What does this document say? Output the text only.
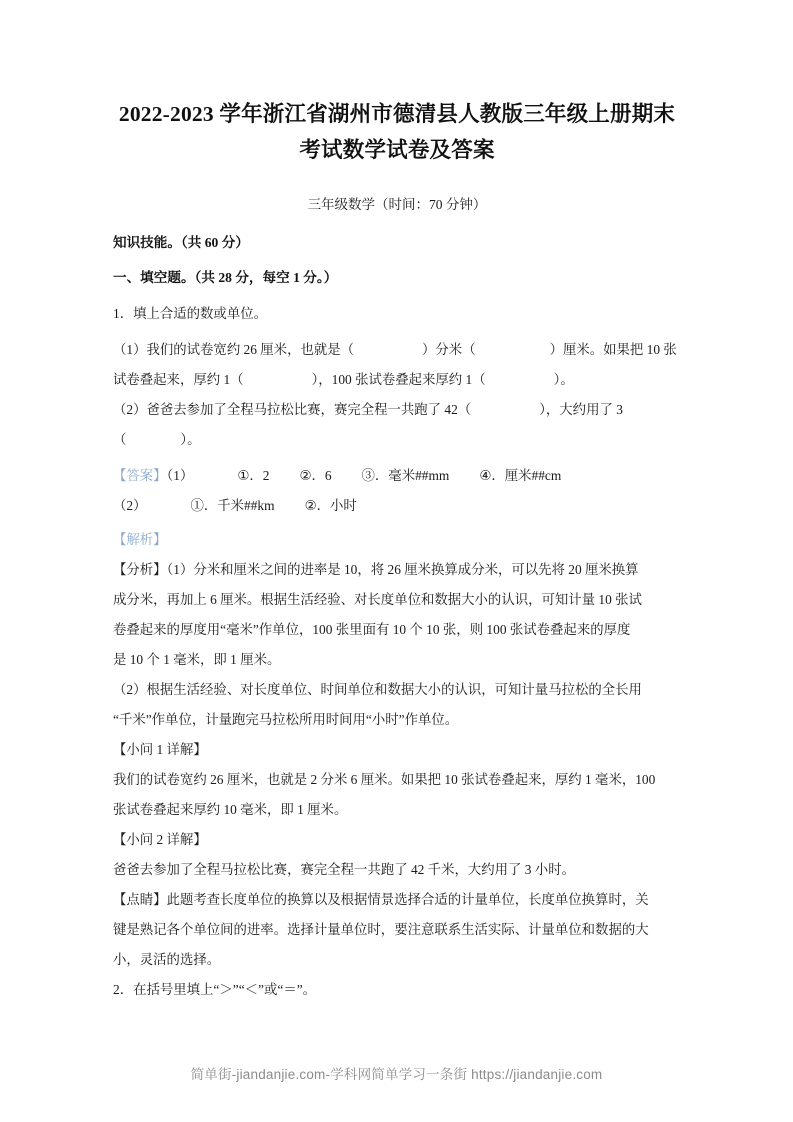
2022-2023 学年浙江省湖州市德清县人教版三年级上册期末考试数学试卷及答案
三年级数学（时间：70 分钟）
知识技能。（共 60 分）
一、填空题。（共 28 分，每空 1 分。）
1．填上合适的数或单位。
（1）我们的试卷宽约 26 厘米，也就是（	）分米（	）厘米。如果把 10 张
试卷叠起来，厚约 1（	），100 张试卷叠起来厚约 1（	）。
（2）爸爸去参加了全程马拉松比赛，赛完全程一共跑了 42（	），大约用了 3
（	）。
【答案】（1）	①．2 ②．6 ③．毫米##mm ④．厘米##cm
（2）	①．千米##km ②．小时
【解析】
【分析】（1）分米和厘米之间的进率是 10，将 26 厘米换算成分米，可以先将 20 厘米换算
成分米，再加上 6 厘米。根据生活经验、对长度单位和数据大小的认识，可知计量 10 张试
卷叠起来的厚度用“毫米”作单位，100 张里面有 10 个 10 张，则 100 张试卷叠起来的厚度
是 10 个 1 毫米，即 1 厘米。
（2）根据生活经验、对长度单位、时间单位和数据大小的认识，可知计量马拉松的全长用
“千米”作单位，计量跑完马拉松所用时间用“小时”作单位。
【小问 1 详解】
我们的试卷宽约 26 厘米，也就是 2 分米 6 厘米。如果把 10 张试卷叠起来，厚约 1 毫米，100
张试卷叠起来厚约 10 毫米，即 1 厘米。
【小问 2 详解】
爸爸去参加了全程马拉松比赛，赛完全程一共跑了 42 千米，大约用了 3 小时。
【点睛】此题考查长度单位的换算以及根据情景选择合适的计量单位，长度单位换算时，关
键是熟记各个单位间的进率。选择计量单位时，要注意联系生活实际、计量单位和数据的大
小，灵活的选择。
2．在括号里填上“＞”“＜”或“＝”。
简单街-jiandanjie.com-学科网简单学习一条街 https://jiandanjie.com
